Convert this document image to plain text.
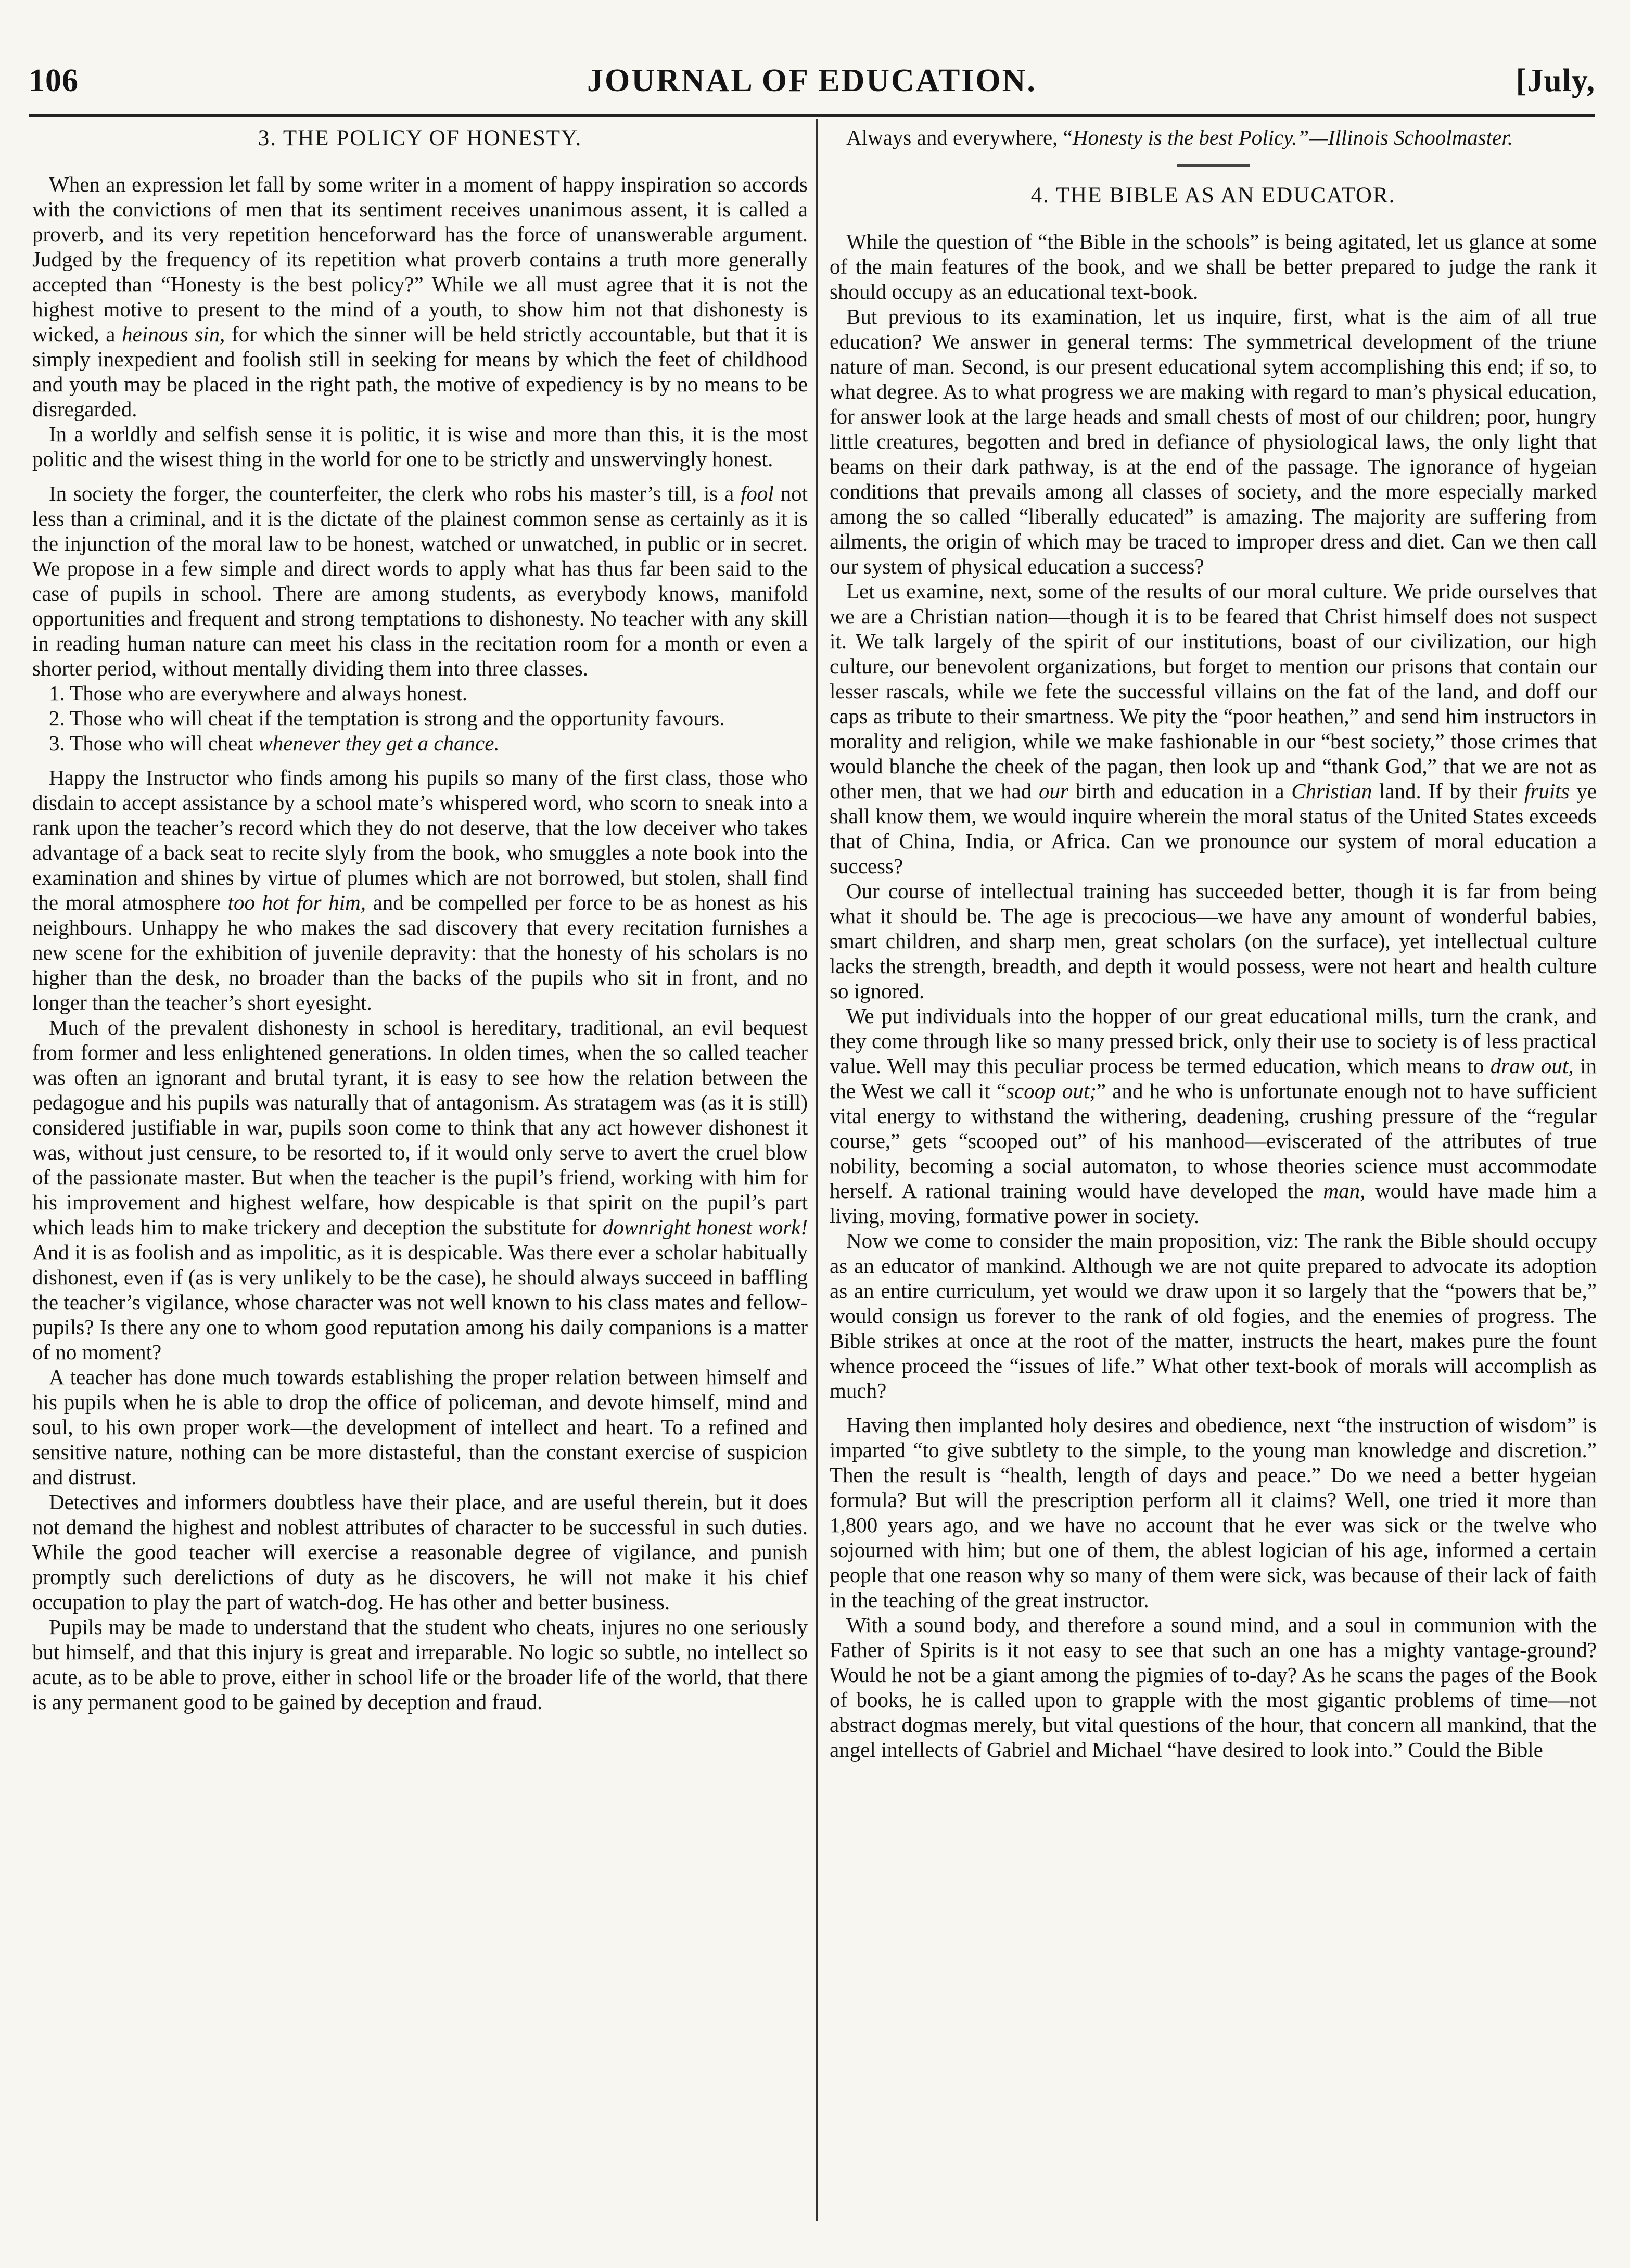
106	JOURNAL OF EDUCATION.	[July,
3. THE POLICY OF HONESTY.

When an expression let fall by some writer in a moment of happy inspiration so accords with the convictions of men that its sentiment receives unanimous assent, it is called a proverb, and its very repetition henceforward has the force of unanswerable argument. Judged by the frequency of its repetition what proverb contains a truth more generally accepted than “Honesty is the best policy?” While we all must agree that it is not the highest motive to present to the mind of a youth, to show him not that dishonesty is wicked, a heinous sin, for which the sinner will be held strictly accountable, but that it is simply inexpedient and foolish still in seeking for means by which the feet of childhood and youth may be placed in the right path, the motive of expediency is by no means to be disregarded.

In a worldly and selfish sense it is politic, it is wise and more than this, it is the most politic and the wisest thing in the world for one to be strictly and unswervingly honest.

In society the forger, the counterfeiter, the clerk who robs his master’s till, is a fool not less than a criminal, and it is the dictate of the plainest common sense as certainly as it is the injunction of the moral law to be honest, watched or unwatched, in public or in secret. We propose in a few simple and direct words to apply what has thus far been said to the case of pupils in school. There are among students, as everybody knows, manifold opportunities and frequent and strong temptations to dishonesty. No teacher with any skill in reading human nature can meet his class in the recitation room for a month or even a shorter period, without mentally dividing them into three classes.

1. Those who are everywhere and always honest.

2. Those who will cheat if the temptation is strong and the opportunity favours.

3. Those who will cheat whenever they get a chance.

Happy the Instructor who finds among his pupils so many of the first class, those who disdain to accept assistance by a school mate’s whispered word, who scorn to sneak into a rank upon the teacher’s record which they do not deserve, that the low deceiver who takes advantage of a back seat to recite slyly from the book, who smuggles a note book into the examination and shines by virtue of plumes which are not borrowed, but stolen, shall find the moral atmosphere too hot for him, and be compelled per force to be as honest as his neighbours. Unhappy he who makes the sad discovery that every recitation furnishes a new scene for the exhibition of juvenile depravity: that the honesty of his scholars is no higher than the desk, no broader than the backs of the pupils who sit in front, and no longer than the teacher’s short eyesight.

Much of the prevalent dishonesty in school is hereditary, traditional, an evil bequest from former and less enlightened generations. In olden times, when the so called teacher was often an ignorant and brutal tyrant, it is easy to see how the relation between the pedagogue and his pupils was naturally that of antagonism. As stratagem was (as it is still) considered justifiable in war, pupils soon come to think that any act however dishonest it was, without just censure, to be resorted to, if it would only serve to avert the cruel blow of the passionate master. But when the teacher is the pupil’s friend, working with him for his improvement and highest welfare, how despicable is that spirit on the pupil’s part which leads him to make trickery and deception the substitute for downright honest work! And it is as foolish and as impolitic, as it is despicable. Was there ever a scholar habitually dishonest, even if (as is very unlikely to be the case), he should always succeed in baffling the teacher’s vigilance, whose character was not well known to his class mates and fellow-pupils? Is there any one to whom good reputation among his daily companions is a matter of no moment?

A teacher has done much towards establishing the proper relation between himself and his pupils when he is able to drop the office of policeman, and devote himself, mind and soul, to his own proper work—the development of intellect and heart. To a refined and sensitive nature, nothing can be more distasteful, than the constant exercise of suspicion and distrust.

Detectives and informers doubtless have their place, and are useful therein, but it does not demand the highest and noblest attributes of character to be successful in such duties. While the good teacher will exercise a reasonable degree of vigilance, and punish promptly such derelictions of duty as he discovers, he will not make it his chief occupation to play the part of watch-dog. He has other and better business.

Pupils may be made to understand that the student who cheats, injures no one seriously but himself, and that this injury is great and irreparable. No logic so subtle, no intellect so acute, as to be able to prove, either in school life or the broader life of the world, that there is any permanent good to be gained by deception and fraud.

Always and everywhere, “Honesty is the best Policy.”—Illinois Schoolmaster.

4. THE BIBLE AS AN EDUCATOR.

While the question of “the Bible in the schools” is being agitated, let us glance at some of the main features of the book, and we shall be better prepared to judge the rank it should occupy as an educational text-book.

But previous to its examination, let us inquire, first, what is the aim of all true education? We answer in general terms: The symmetrical development of the triune nature of man. Second, is our present educational sytem accomplishing this end; if so, to what degree. As to what progress we are making with regard to man’s physical education, for answer look at the large heads and small chests of most of our children; poor, hungry little creatures, begotten and bred in defiance of physiological laws, the only light that beams on their dark pathway, is at the end of the passage. The ignorance of hygeian conditions that prevails among all classes of society, and the more especially marked among the so called “liberally educated” is amazing. The majority are suffering from ailments, the origin of which may be traced to improper dress and diet. Can we then call our system of physical education a success?

Let us examine, next, some of the results of our moral culture. We pride ourselves that we are a Christian nation—though it is to be feared that Christ himself does not suspect it. We talk largely of the spirit of our institutions, boast of our civilization, our high culture, our benevolent organizations, but forget to mention our prisons that contain our lesser rascals, while we fete the successful villains on the fat of the land, and doff our caps as tribute to their smartness. We pity the “poor heathen,” and send him instructors in morality and religion, while we make fashionable in our “best society,” those crimes that would blanche the cheek of the pagan, then look up and “thank God,” that we are not as other men, that we had our birth and education in a Christian land. If by their fruits ye shall know them, we would inquire wherein the moral status of the United States exceeds that of China, India, or Africa. Can we pronounce our system of moral education a success?

Our course of intellectual training has succeeded better, though it is far from being what it should be. The age is precocious—we have any amount of wonderful babies, smart children, and sharp men, great scholars (on the surface), yet intellectual culture lacks the strength, breadth, and depth it would possess, were not heart and health culture so ignored.

We put individuals into the hopper of our great educational mills, turn the crank, and they come through like so many pressed brick, only their use to society is of less practical value. Well may this peculiar process be termed education, which means to draw out, in the West we call it “scoop out;” and he who is unfortunate enough not to have sufficient vital energy to withstand the withering, deadening, crushing pressure of the “regular course,” gets “scooped out” of his manhood—eviscerated of the attributes of true nobility, becoming a social automaton, to whose theories science must accommodate herself. A rational training would have developed the man, would have made him a living, moving, formative power in society.

Now we come to consider the main proposition, viz: The rank the Bible should occupy as an educator of mankind. Although we are not quite prepared to advocate its adoption as an entire curriculum, yet would we draw upon it so largely that the “powers that be,” would consign us forever to the rank of old fogies, and the enemies of progress. The Bible strikes at once at the root of the matter, instructs the heart, makes pure the fount whence proceed the “issues of life.” What other text-book of morals will accomplish as much?

Having then implanted holy desires and obedience, next “the instruction of wisdom” is imparted “to give subtlety to the simple, to the young man knowledge and discretion.” Then the result is “health, length of days and peace.” Do we need a better hygeian formula? But will the prescription perform all it claims? Well, one tried it more than 1,800 years ago, and we have no account that he ever was sick or the twelve who sojourned with him; but one of them, the ablest logician of his age, informed a certain people that one reason why so many of them were sick, was because of their lack of faith in the teaching of the great instructor.

With a sound body, and therefore a sound mind, and a soul in communion with the Father of Spirits is it not easy to see that such an one has a mighty vantage-ground? Would he not be a giant among the pigmies of to-day? As he scans the pages of the Book of books, he is called upon to grapple with the most gigantic problems of time—not abstract dogmas merely, but vital questions of the hour, that concern all mankind, that the angel intellects of Gabriel and Michael “have desired to look into.” Could the Bible
